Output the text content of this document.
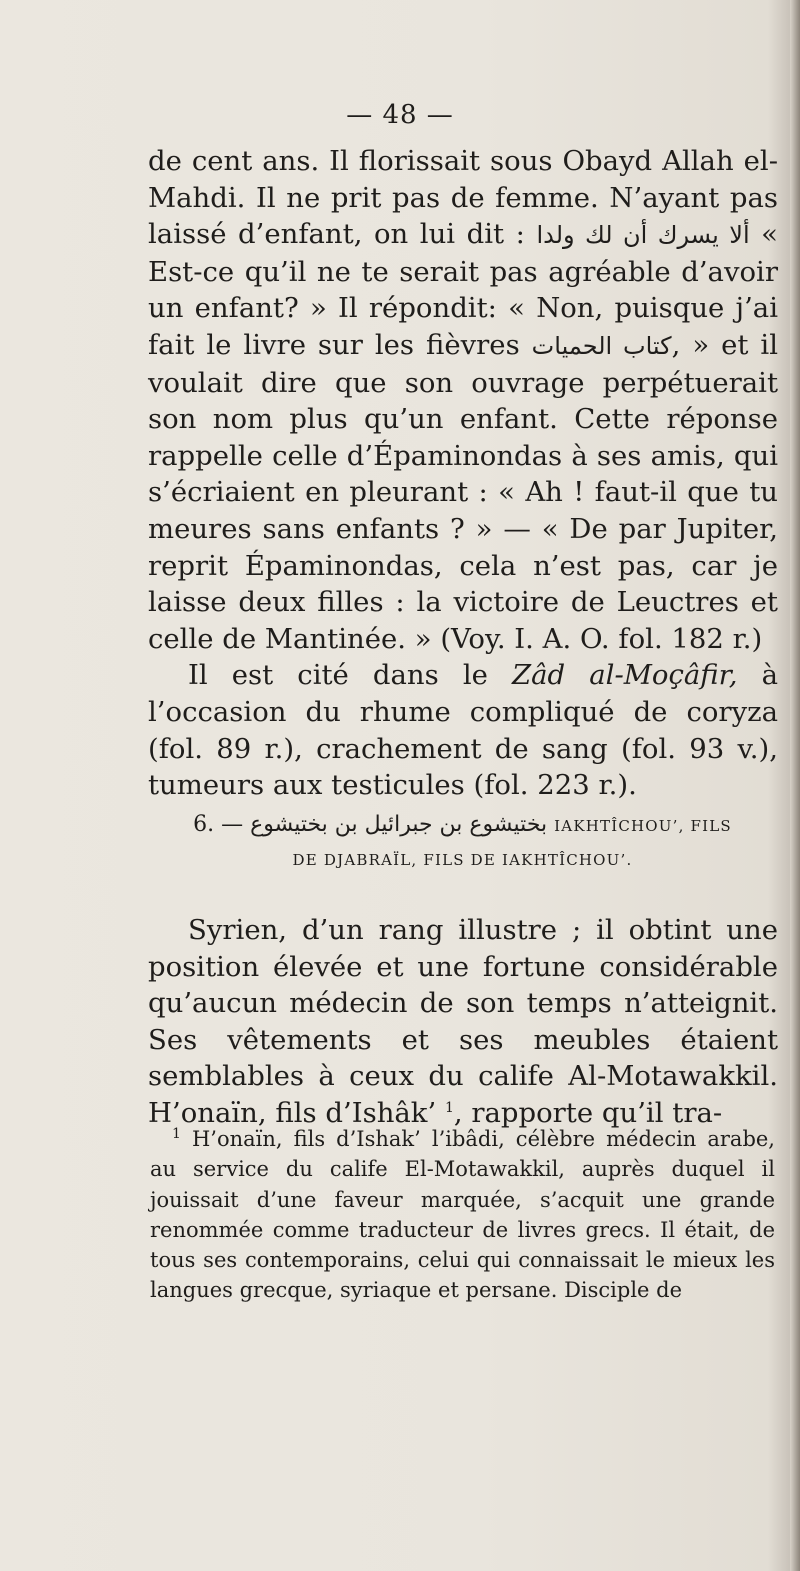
— 48 —

de cent ans. Il florissait sous Obayd Allah el-Mahdi. Il ne prit pas de femme. N’ayant pas laissé d’enfant, on lui dit : ألا يسرك أن لك ولدا « Est-ce qu’il ne te serait pas agréable d’avoir un enfant? » Il répondit: « Non, puisque j’ai fait le livre sur les fièvres كتاب الحميات, » et il voulait dire que son ouvrage perpétuerait son nom plus qu’un enfant. Cette réponse rappelle celle d’Épaminondas à ses amis, qui s’écriaient en pleurant : « Ah ! faut-il que tu meures sans enfants ? » — « De par Jupiter, reprit Épaminondas, cela n’est pas, car je laisse deux filles : la victoire de Leuctres et celle de Mantinée. » (Voy. I. A. O. fol. 182 r.)

Il est cité dans le Zâd al-Moçâfir, à l’occasion du rhume compliqué de coryza (fol. 89 r.), crachement de sang (fol. 93 v.), tumeurs aux testicules (fol. 223 r.).

6. — بختيشوع بن جبرائيل بن بختيشوع IAKHTÎCHOU’, FILS
DE DJABRAÏL, FILS DE IAKHTÎCHOU’.

Syrien, d’un rang illustre ; il obtint une position élevée et une fortune considérable qu’aucun médecin de son temps n’atteignit. Ses vêtements et ses meubles étaient semblables à ceux du calife Al-Motawakkil. H’onaïn, fils d’Ishâk’ $^1$, rapporte qu’il tra-

$^1$ H’onaïn, fils d’Ishak’ l’ibâdi, célèbre médecin arabe, au service du calife El-Motawakkil, auprès duquel il jouissait d’une faveur marquée, s’acquit une grande renommée comme traducteur de livres grecs. Il était, de tous ses contemporains, celui qui connaissait le mieux les langues grecque, syriaque et persane. Disciple de
